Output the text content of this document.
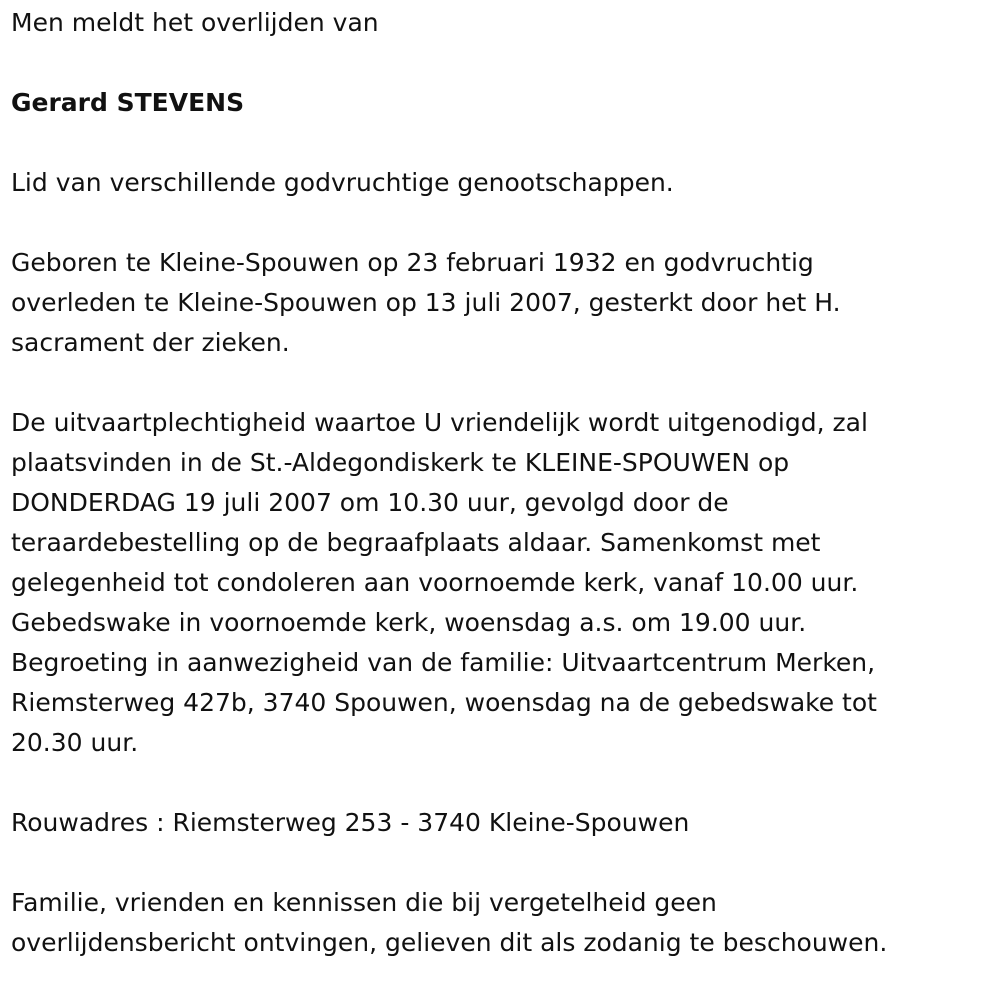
Men meldt het overlijden van

Gerard STEVENS

Lid van verschillende godvruchtige genootschappen.

Geboren te Kleine-Spouwen op 23 februari 1932 en godvruchtig

overleden te Kleine-Spouwen op 13 juli 2007, gesterkt door het H.

sacrament der zieken.

De uitvaartplechtigheid waartoe U vriendelijk wordt uitgenodigd, zal

plaatsvinden in de St.-Aldegondiskerk te KLEINE-SPOUWEN op

DONDERDAG 19 juli 2007 om 10.30 uur, gevolgd door de

teraardebestelling op de begraafplaats aldaar. Samenkomst met

gelegenheid tot condoleren aan voornoemde kerk, vanaf 10.00 uur.

Gebedswake in voornoemde kerk, woensdag a.s. om 19.00 uur.

Begroeting in aanwezigheid van de familie: Uitvaartcentrum Merken,

Riemsterweg 427b, 3740 Spouwen, woensdag na de gebedswake tot

20.30 uur.

Rouwadres : Riemsterweg 253 - 3740 Kleine-Spouwen

Familie, vrienden en kennissen die bij vergetelheid geen

overlijdensbericht ontvingen, gelieven dit als zodanig te beschouwen.
